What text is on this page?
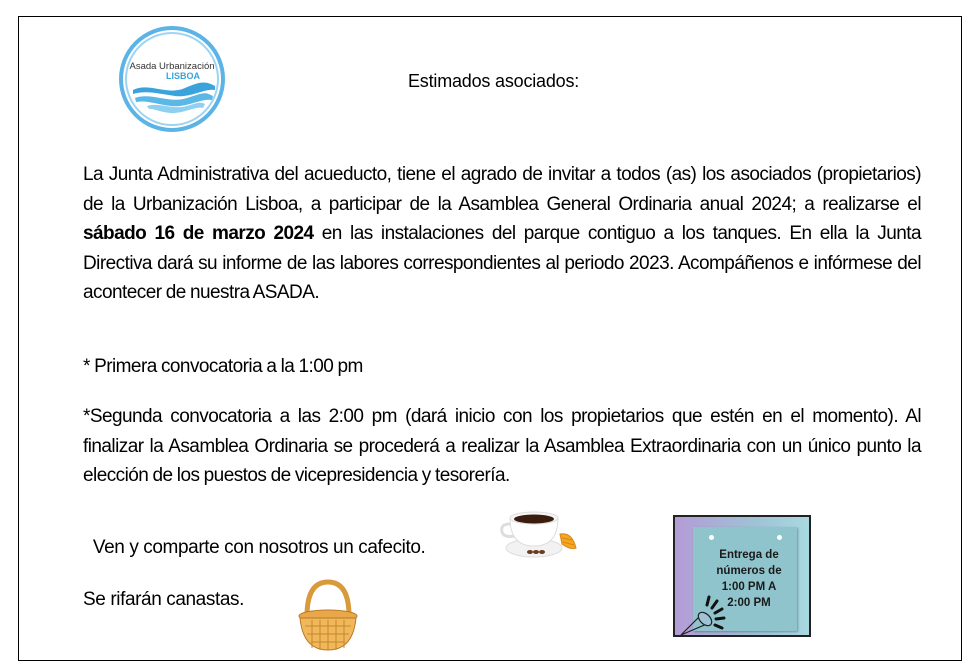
Asada Urbanización
LISBOA	Estimados asociados:
La Junta Administrativa del acueducto, tiene el agrado de invitar a todos (as) los asociados (propietarios) de la Urbanización Lisboa, a participar de la Asamblea General Ordinaria anual 2024; a realizarse el sábado 16 de marzo 2024 en las instalaciones del parque contiguo a los tanques. En ella la Junta Directiva dará su informe de las labores correspondientes al periodo 2023. Acompáñenos e infórmese del acontecer de nuestra ASADA.
* Primera convocatoria a la 1:00 pm
*Segunda convocatoria a las 2:00 pm (dará inicio con los propietarios que estén en el momento). Al finalizar la Asamblea Ordinaria se procederá a realizar la Asamblea Extraordinaria con un único punto la elección de los puestos de vicepresidencia y tesorería.
Ven y comparte con nosotros un cafecito.
Se rifarán canastas.
Entrega de
números de
1:00 PM A
2:00 PM
